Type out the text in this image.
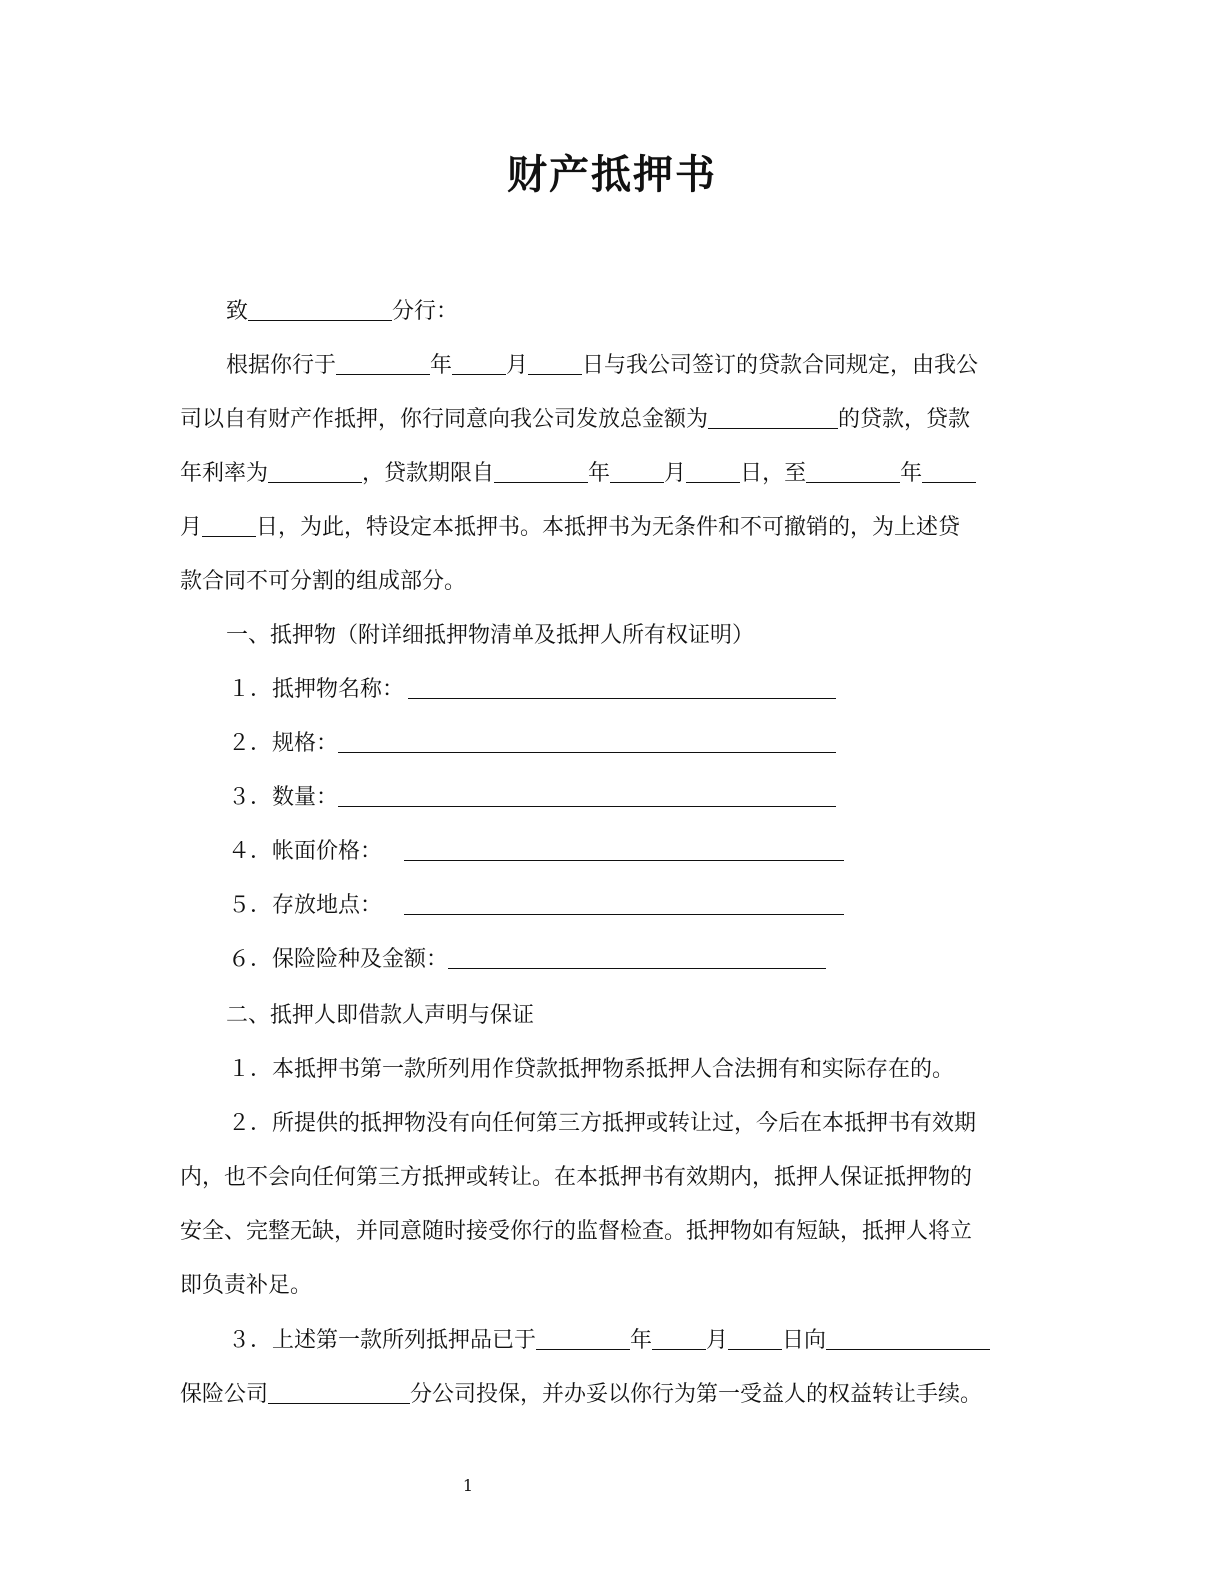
财产抵押书
致	分行：
根据你行于	年 月 日与我公司签订的贷款合同规定，由我公
司以自有财产作抵押，你行同意向我公司发放总金额为	的贷款，贷款
年利率为	，贷款期限自	年 月 日，至	年
月 日，为此，特设定本抵押书。本抵押书为无条件和不可撤销的，为上述贷
款合同不可分割的组成部分。
一、抵押物（附详细抵押物清单及抵押人所有权证明）
１．抵押物名称：
２．规格：
３．数量：
４．帐面价格：
５．存放地点：
６．保险险种及金额：
二、抵押人即借款人声明与保证
１．本抵押书第一款所列用作贷款抵押物系抵押人合法拥有和实际存在的。
２．所提供的抵押物没有向任何第三方抵押或转让过，今后在本抵押书有效期
内，也不会向任何第三方抵押或转让。在本抵押书有效期内，抵押人保证抵押物的
安全、完整无缺，并同意随时接受你行的监督检查。抵押物如有短缺，抵押人将立
即负责补足。
３．上述第一款所列抵押品已于	年 月 日向
保险公司	分公司投保，并办妥以你行为第一受益人的权益转让手续。
1
